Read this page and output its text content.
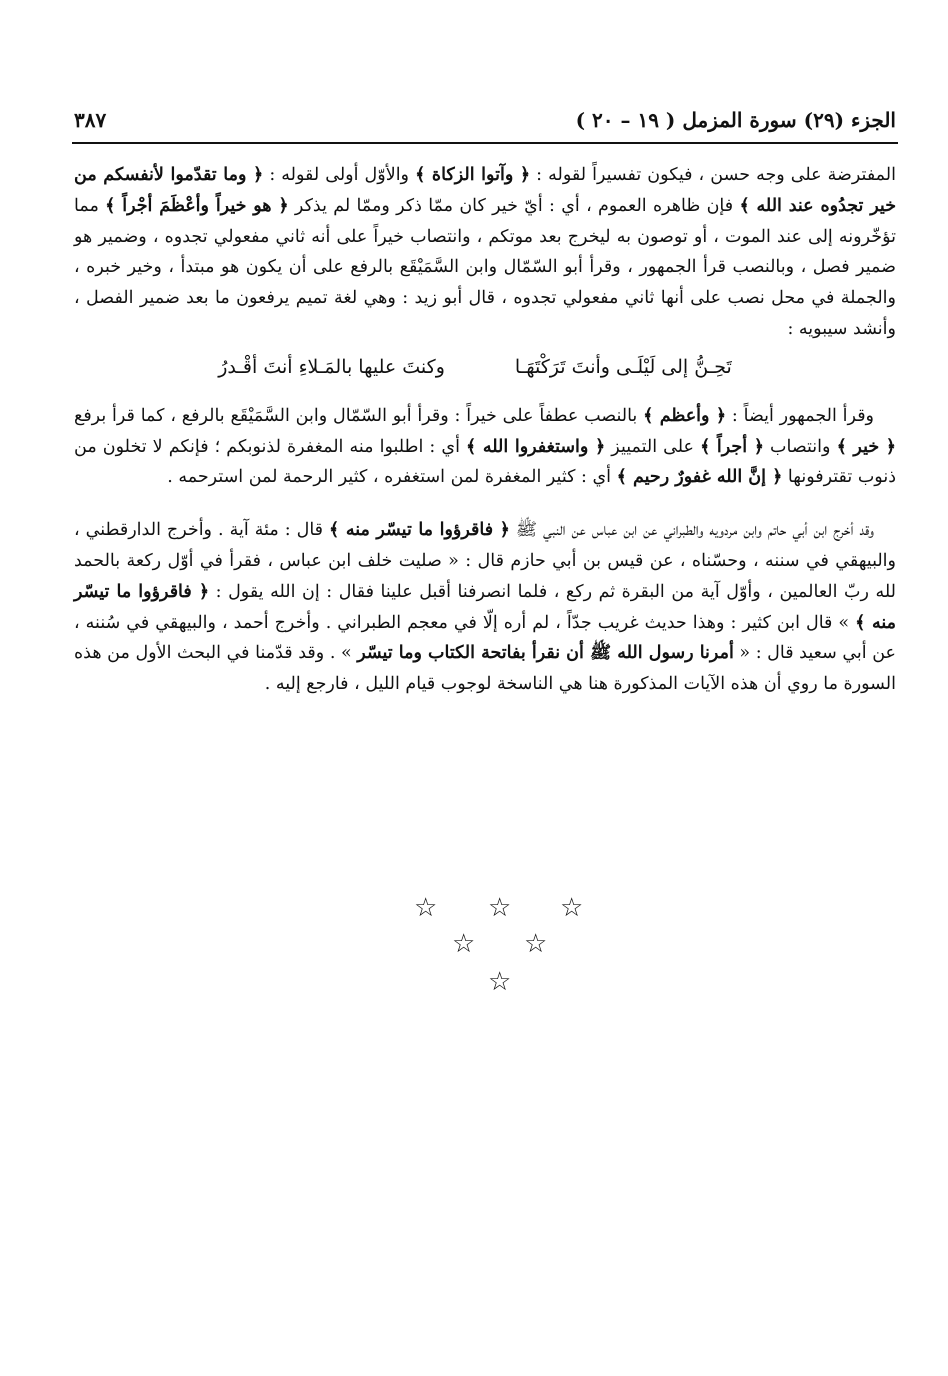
الجزء (٢٩) سورة المزمل ( ١٩ – ٢٠ )
٣٨٧

المفترضة على وجه حسن ، فيكون تفسيراً لقوله : ﴿ وآتوا الزكاة ﴾ والأوّل أولى لقوله : ﴿ وما تقدّموا لأنفسكم من خير تجدُوه عند الله ﴾ فإن ظاهره العموم ، أي : أيّ خير كان ممّا ذكر وممّا لم يذكر ﴿ هو خيراً وأعْظَمَ أجْراً ﴾ مما تؤخّرونه إلى عند الموت ، أو توصون به ليخرج بعد موتكم ، وانتصاب خيراً على أنه ثاني مفعولي تجدوه ، وضمير هو ضمير فصل ، وبالنصب قرأ الجمهور ، وقرأ أبو السّمّال وابن السَّمَيْقَع بالرفع على أن يكون هو مبتدأ ، وخير خبره ، والجملة في محل نصب على أنها ثاني مفعولي تجدوه ، قال أبو زيد : وهي لغة تميم يرفعون ما بعد ضمير الفصل ، وأنشد سيبويه :

تَحِـنُّ إلى لَيْلَـى وأنتَ تَرَكْتَهَـا
وكنتَ عليها بالمَـلاءِ أنتَ أقْـدرُ

وقرأ الجمهور أيضاً : ﴿ وأعظم ﴾ بالنصب عطفاً على خيراً : وقرأ أبو السّمّال وابن السَّمَيْقَع بالرفع ، كما قرأ برفع ﴿ خير ﴾ وانتصاب ﴿ أجراً ﴾ على التمييز ﴿ واستغفروا الله ﴾ أي : اطلبوا منه المغفرة لذنوبكم ؛ فإنكم لا تخلون من ذنوب تقترفونها ﴿ إنَّ الله غفورٌ رحيم ﴾ أي : كثير المغفرة لمن استغفره ، كثير الرحمة لمن استرحمه .

وقد أخرج ابن أبي حاتم وابن مردويه والطبراني عن ابن عباس عن النبي ﷺ ﴿ فاقرؤوا ما تيسّر منه ﴾ قال : مئة آية . وأخرج الدارقطني ، والبيهقي في سننه ، وحسّناه ، عن قيس بن أبي حازم قال : « صليت خلف ابن عباس ، فقرأ في أوّل ركعة بالحمد لله ربّ العالمين ، وأوّل آية من البقرة ثم ركع ، فلما انصرفنا أقبل علينا فقال : إن الله يقول : ﴿ فاقرؤوا ما تيسّر منه ﴾ » قال ابن كثير : وهذا حديث غريب جدّاً ، لم أره إلّا في معجم الطبراني . وأخرج أحمد ، والبيهقي في سُننه ، عن أبي سعيد قال : « أمرنا رسول الله ﷺ أن نقرأ بفاتحة الكتاب وما تيسّر » . وقد قدّمنا في البحث الأول من هذه السورة ما روي أن هذه الآيات المذكورة هنا هي الناسخة لوجوب قيام الليل ، فارجع إليه .

☆
☆
☆
☆
☆
☆
